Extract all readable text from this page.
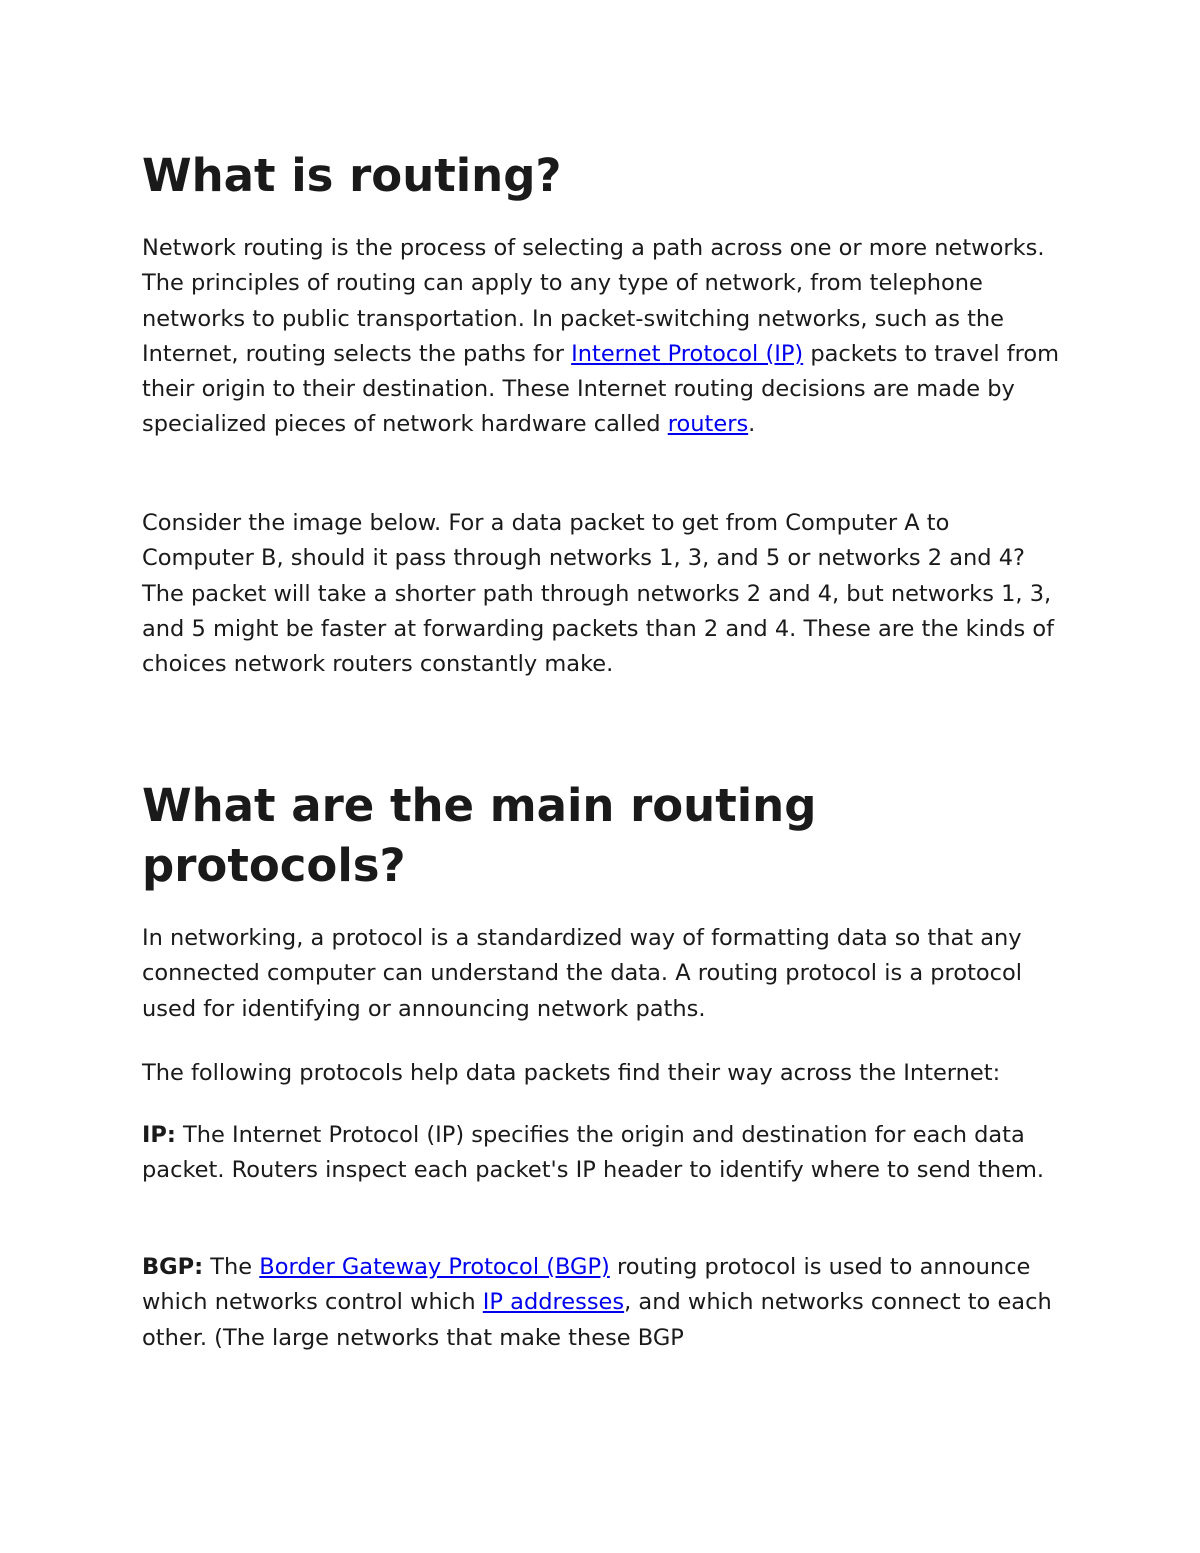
What is routing?

Network routing is the process of selecting a path across one or more networks. The principles of routing can apply to any type of network, from telephone networks to public transportation. In packet-switching networks, such as the Internet, routing selects the paths for Internet Protocol (IP) packets to travel from their origin to their destination. These Internet routing decisions are made by specialized pieces of network hardware called routers.

Consider the image below. For a data packet to get from Computer A to Computer B, should it pass through networks 1, 3, and 5 or networks 2 and 4? The packet will take a shorter path through networks 2 and 4, but networks 1, 3, and 5 might be faster at forwarding packets than 2 and 4. These are the kinds of choices network routers constantly make.

What are the main routing protocols?

In networking, a protocol is a standardized way of formatting data so that any connected computer can understand the data. A routing protocol is a protocol used for identifying or announcing network paths.

The following protocols help data packets find their way across the Internet:

IP: The Internet Protocol (IP) specifies the origin and destination for each data packet. Routers inspect each packet's IP header to identify where to send them.

BGP: The Border Gateway Protocol (BGP) routing protocol is used to announce which networks control which IP addresses, and which networks connect to each other. (The large networks that make these BGP
